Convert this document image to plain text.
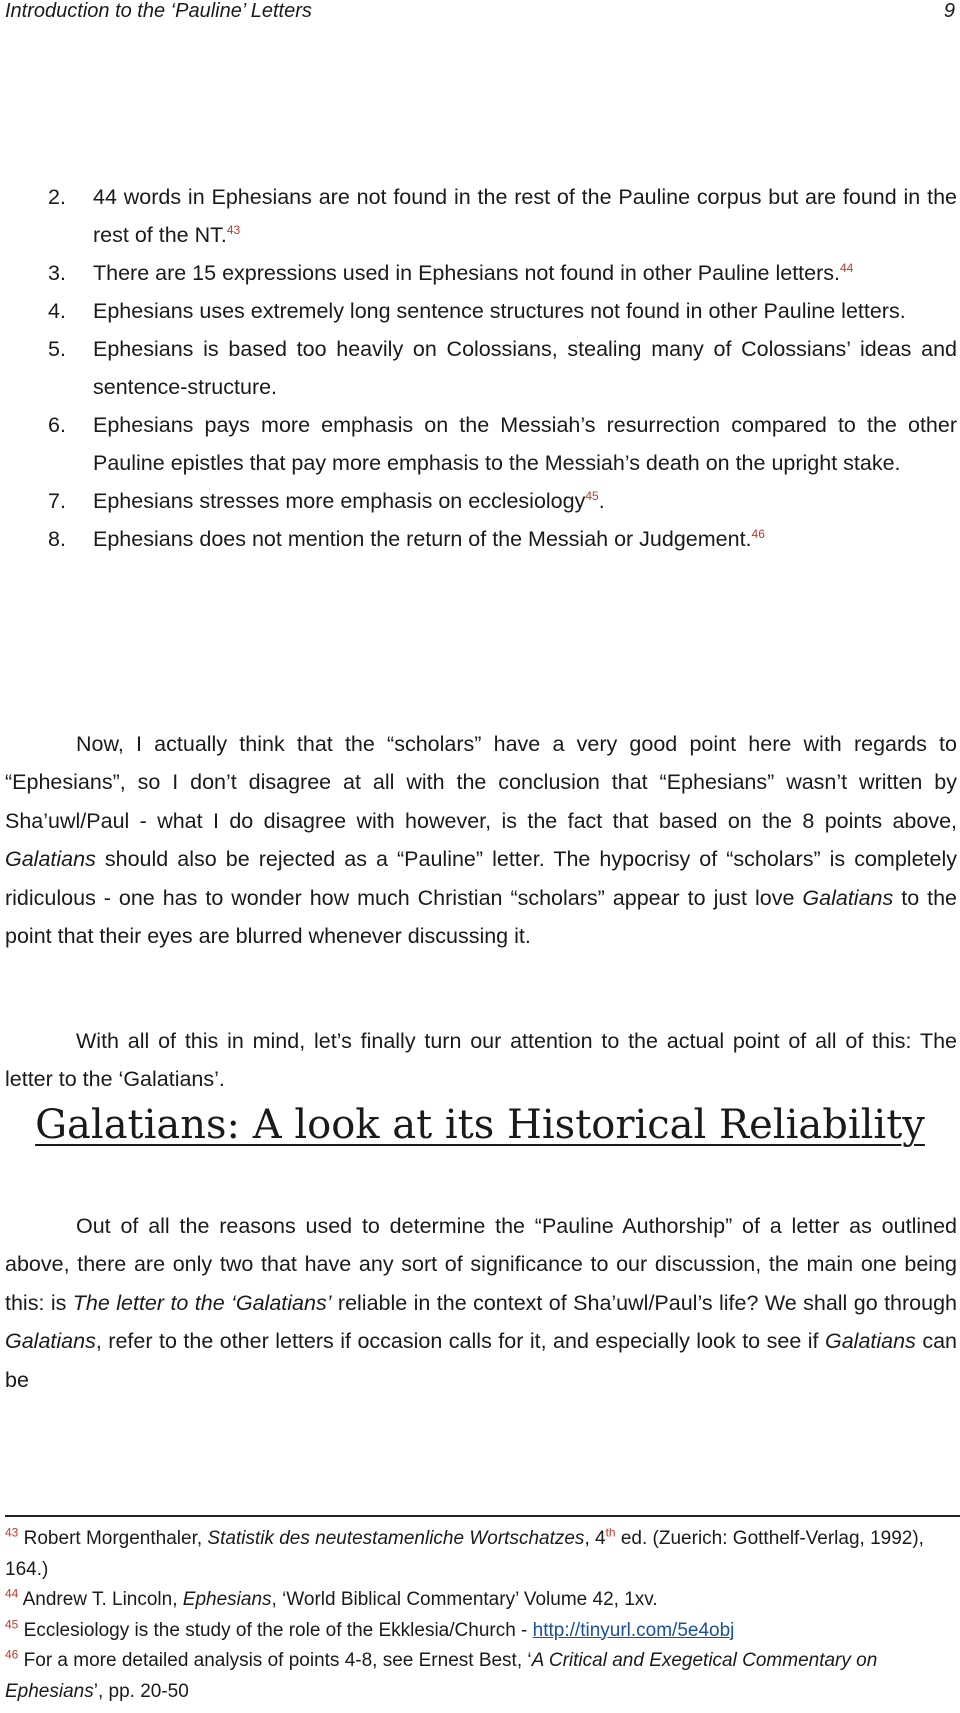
Introduction to the ‘Pauline’ Letters	9
2. 44 words in Ephesians are not found in the rest of the Pauline corpus but are found in the rest of the NT.$^{43}$
3. There are 15 expressions used in Ephesians not found in other Pauline letters.$^{44}$
4. Ephesians uses extremely long sentence structures not found in other Pauline letters.
5. Ephesians is based too heavily on Colossians, stealing many of Colossians’ ideas and sentence-structure.
6. Ephesians pays more emphasis on the Messiah’s resurrection compared to the other Pauline epistles that pay more emphasis to the Messiah’s death on the upright stake.
7. Ephesians stresses more emphasis on ecclesiology$^{45}$.
8. Ephesians does not mention the return of the Messiah or Judgement.$^{46}$

Now, I actually think that the “scholars” have a very good point here with regards to “Ephesians”, so I don’t disagree at all with the conclusion that “Ephesians” wasn’t written by Sha’uwl/Paul - what I do disagree with however, is the fact that based on the 8 points above, Galatians should also be rejected as a “Pauline” letter. The hypocrisy of “scholars” is completely ridiculous - one has to wonder how much Christian “scholars” appear to just love Galatians to the point that their eyes are blurred whenever discussing it.

With all of this in mind, let’s finally turn our attention to the actual point of all of this: The letter to the ‘Galatians’.

Galatians: A look at its Historical Reliability

Out of all the reasons used to determine the “Pauline Authorship” of a letter as outlined above, there are only two that have any sort of significance to our discussion, the main one being this: is The letter to the ‘Galatians’ reliable in the context of Sha’uwl/Paul’s life? We shall go through Galatians, refer to the other letters if occasion calls for it, and especially look to see if Galatians can be

$^{43}$ Robert Morgenthaler, Statistik des neutestamenliche Wortschatzes, 4th ed. (Zuerich: Gotthelf-Verlag, 1992), 164.)
$^{44}$ Andrew T. Lincoln, Ephesians, ‘World Biblical Commentary’ Volume 42, 1xv.
$^{45}$ Ecclesiology is the study of the role of the Ekklesia/Church - http://tinyurl.com/5e4obj
$^{46}$ For a more detailed analysis of points 4-8, see Ernest Best, ‘A Critical and Exegetical Commentary on Ephesians’, pp. 20-50
